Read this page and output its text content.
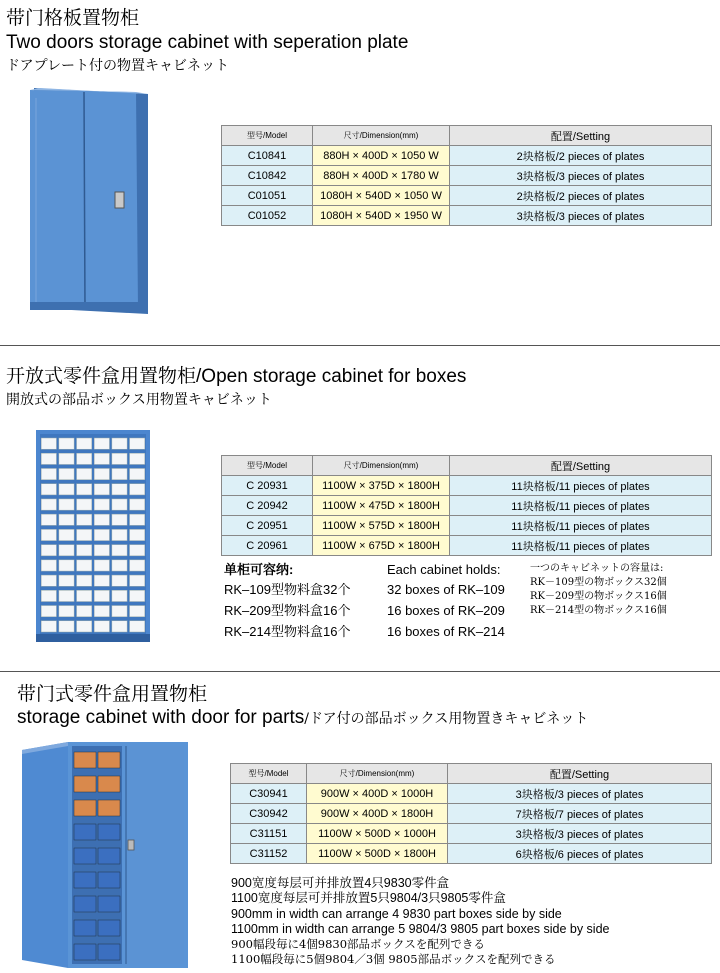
带门格板置物柜
Two doors storage cabinet with seperation plate
ドアプレート付の物置キャビネット
型号/Model	尺寸/Dimension(mm)	配置/Setting
C10841	880H × 400D × 1050 W	2块格板/2 pieces of plates
C10842	880H × 400D × 1780 W	3块格板/3 pieces of plates
C01051	1080H × 540D × 1050 W	2块格板/2 pieces of plates
C01052	1080H × 540D × 1950 W	3块格板/3 pieces of plates
开放式零件盒用置物柜/Open storage cabinet for boxes
開放式の部品ボックス用物置キャビネット
型号/Model	尺寸/Dimension(mm)	配置/Setting
C 20931	1100W × 375D × 1800H	11块格板/11 pieces of plates
C 20942	1100W × 475D × 1800H	11块格板/11 pieces of plates
C 20951	1100W × 575D × 1800H	11块格板/11 pieces of plates
C 20961	1100W × 675D × 1800H	11块格板/11 pieces of plates
单柜可容纳:
RK–109型物料盒32个
RK–209型物料盒16个
RK–214型物料盒16个
Each cabinet holds:
32 boxes of RK–109
16 boxes of RK–209
16 boxes of RK–214
一つのキャビネットの容量は:
RK－109型の物ボックス32個
RK－209型の物ボックス16個
RK－214型の物ボックス16個
带门式零件盒用置物柜
storage cabinet with door for parts/ドア付の部品ボックス用物置きキャビネット
型号/Model	尺寸/Dimension(mm)	配置/Setting
C30941	900W × 400D × 1000H	3块格板/3 pieces of plates
C30942	900W × 400D × 1800H	7块格板/7 pieces of plates
C31151	1100W × 500D × 1000H	3块格板/3 pieces of plates
C31152	1100W × 500D × 1800H	6块格板/6 pieces of plates
900宽度每层可并排放置4只9830零件盒
1100宽度每层可并排放置5只9804/3只9805零件盒
900mm in width can arrange 4 9830 part boxes side by side
1100mm in width can arrange 5 9804/3 9805 part boxes side by side
900幅段毎に4個9830部品ボックスを配列できる
1100幅段毎に5個9804／3個 9805部品ボックスを配列できる
